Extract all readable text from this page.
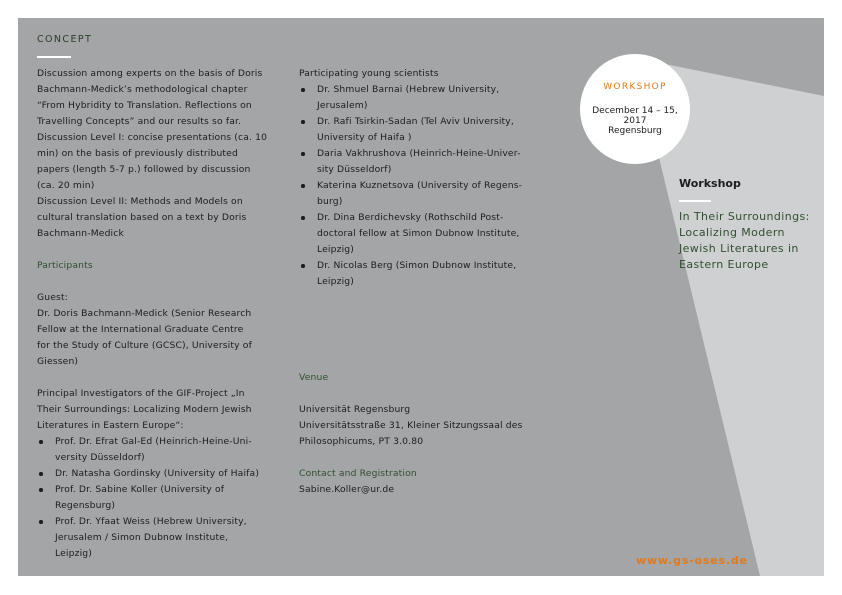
CONCEPT

Discussion among experts on the basis of Doris

Bachmann-Medick’s methodological chapter

“From Hybridity to Translation. Reflections on

Travelling Concepts” and our results so far.

Discussion Level I: concise presentations (ca. 10

min) on the basis of previously distributed

papers (length 5-7 p.) followed by discussion

(ca. 20 min)

Discussion Level II: Methods and Models on

cultural translation based on a text by Doris

Bachmann-Medick

Participants

Guest:

Dr. Doris Bachmann-Medick (Senior Research

Fellow at the International Graduate Centre

for the Study of Culture (GCSC), University of

Giessen)

Principal Investigators of the GIF-Project „In

Their Surroundings: Localizing Modern Jewish

Literatures in Eastern Europe“:

Prof. Dr. Efrat Gal-Ed (Heinrich-Heine-Uni-
versity Düsseldorf)
Dr. Natasha Gordinsky (University of Haifa)
Prof. Dr. Sabine Koller (University of
Regensburg)
Prof. Dr. Yfaat Weiss (Hebrew University,
Jerusalem / Simon Dubnow Institute,
Leipzig)

Participating young scientists

Dr. Shmuel Barnai (Hebrew University,
Jerusalem)
Dr. Rafi Tsirkin-Sadan (Tel Aviv University,
University of Haifa )
Daria Vakhrushova (Heinrich-Heine-Univer-
sity Düsseldorf)
Katerina Kuznetsova (University of Regens-
burg)
Dr. Dina Berdichevsky (Rothschild Post-
doctoral fellow at Simon Dubnow Institute,
Leipzig)
Dr. Nicolas Berg (Simon Dubnow Institute,
Leipzig)

Venue

Universität Regensburg

Universitätsstraße 31, Kleiner Sitzungssaal des

Philosophicums, PT 3.0.80

Contact and Registration

Sabine.Koller@ur.de

WORKSHOP
December 14 – 15, 2017
Regensburg
Workshop
In Their Surroundings:
Localizing Modern
Jewish Literatures in
Eastern Europe
www.gs-oses.de
